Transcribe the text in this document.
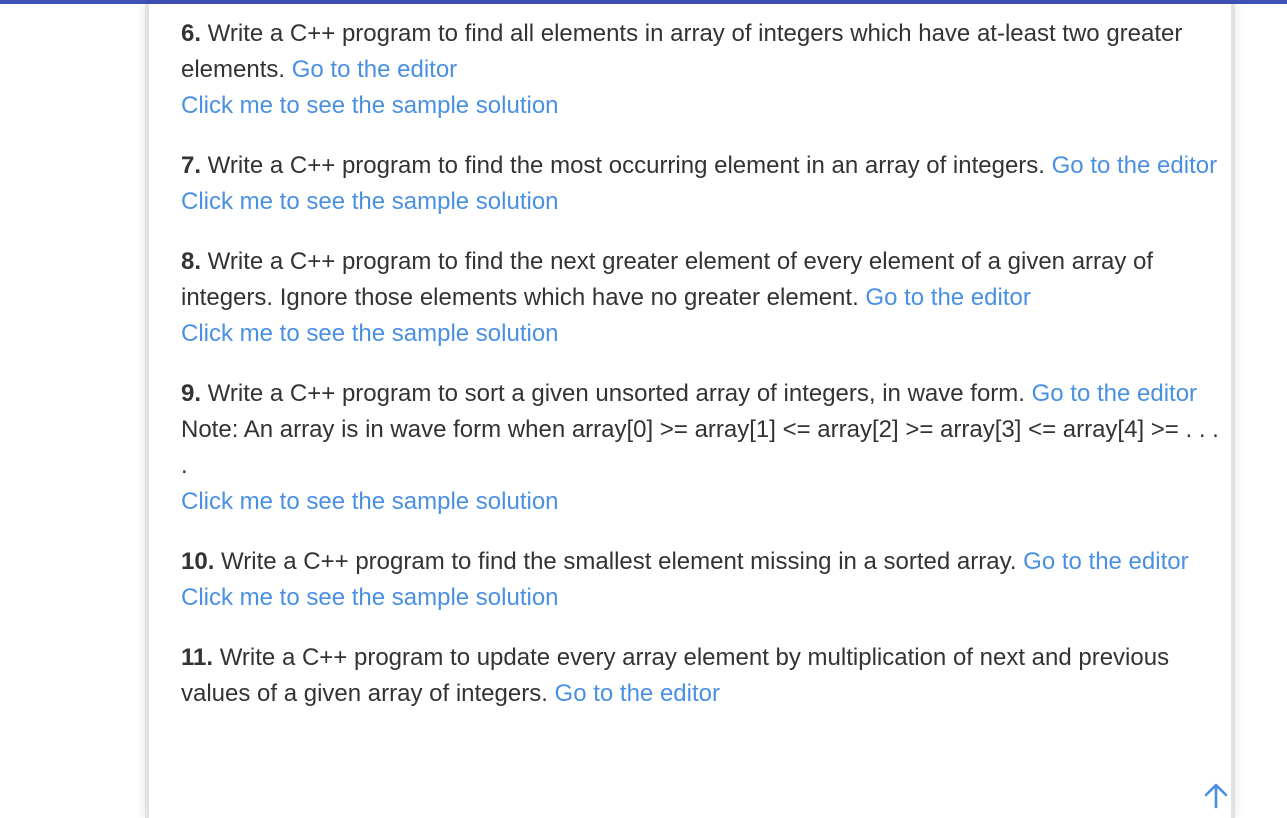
6. Write a C++ program to find all elements in array of integers which have at-least two greater elements. Go to the editor

Click me to see the sample solution

7. Write a C++ program to find the most occurring element in an array of integers. Go to the editor

Click me to see the sample solution

8. Write a C++ program to find the next greater element of every element of a given array of integers. Ignore those elements which have no greater element. Go to the editor

Click me to see the sample solution

9. Write a C++ program to sort a given unsorted array of integers, in wave form. Go to the editor

Note: An array is in wave form when array[0] >= array[1] <= array[2] >= array[3] <= array[4] >= . . . .

Click me to see the sample solution

10. Write a C++ program to find the smallest element missing in a sorted array. Go to the editor

Click me to see the sample solution

11. Write a C++ program to update every array element by multiplication of next and previous values of a given array of integers. Go to the editor
